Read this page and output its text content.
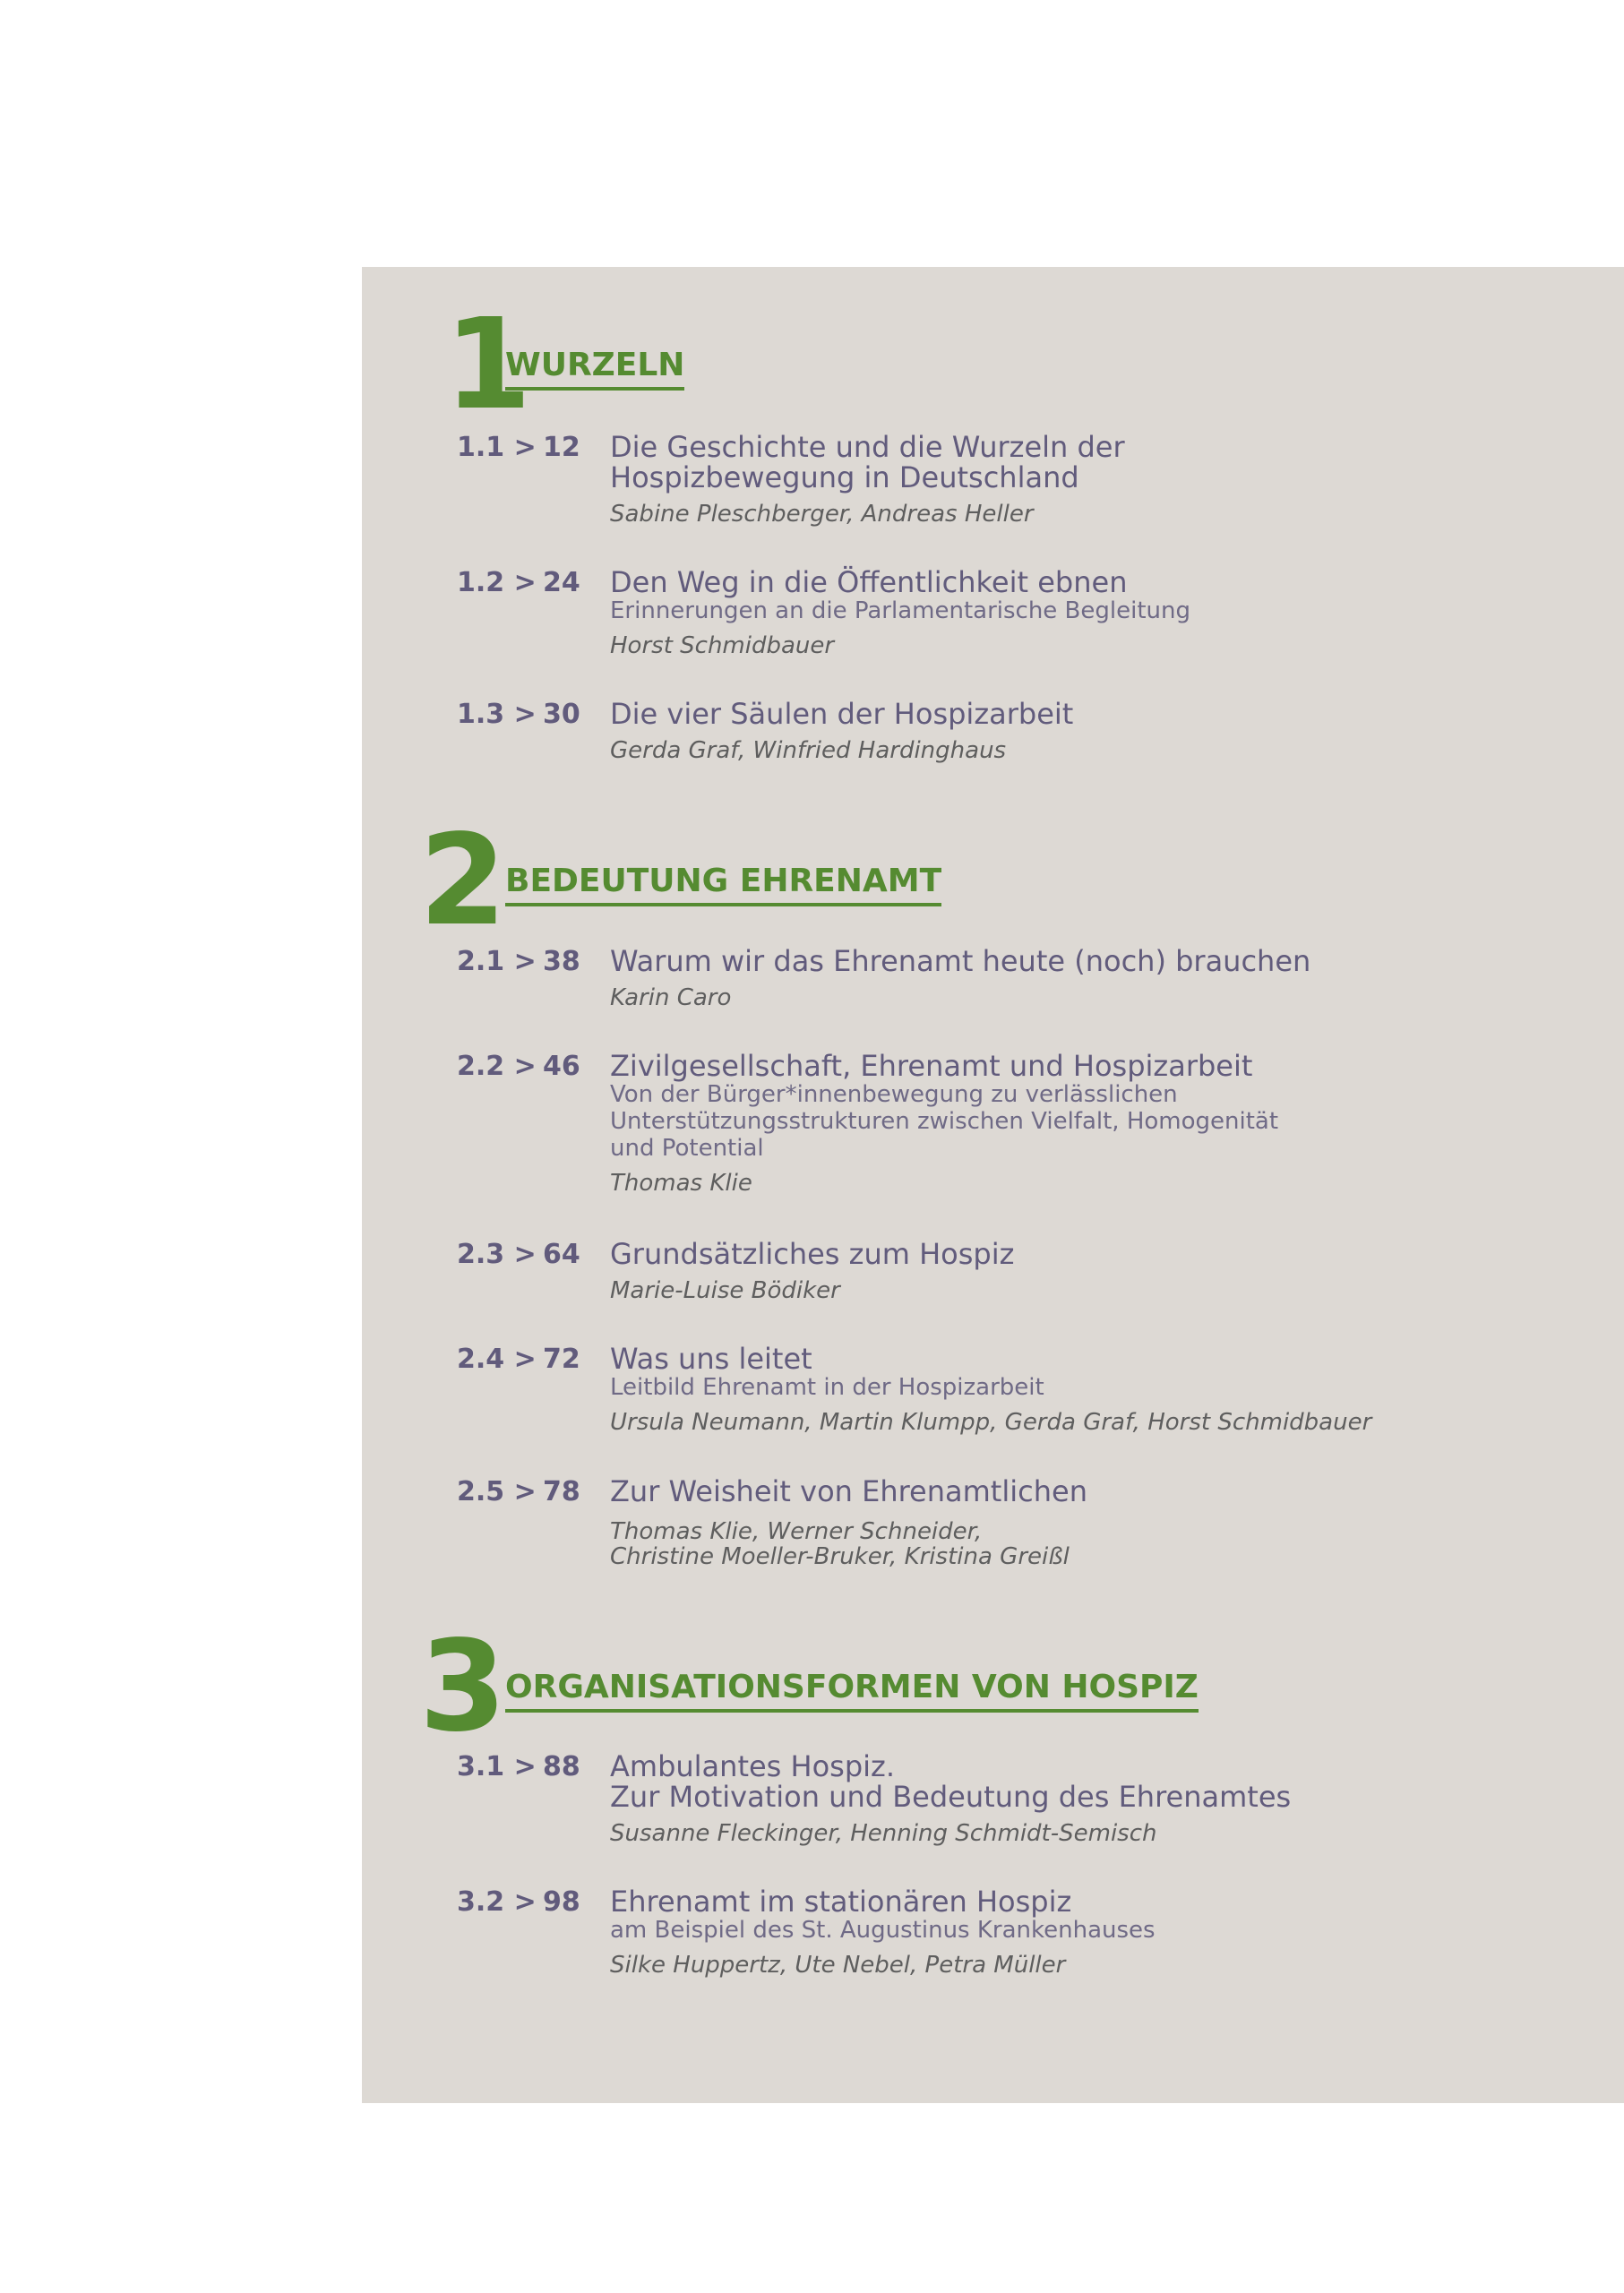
1
WURZELN
1.1 > 12 Die Geschichte und die Wurzeln der
Hospizbewegung in Deutschland
Sabine Pleschberger, Andreas Heller
1.2 > 24 Den Weg in die Öffentlichkeit ebnen
Erinnerungen an die Parlamentarische Begleitung
Horst Schmidbauer
1.3 > 30 Die vier Säulen der Hospizarbeit
Gerda Graf, Winfried Hardinghaus
2
BEDEUTUNG EHRENAMT
2.1 > 38 Warum wir das Ehrenamt heute (noch) brauchen
Karin Caro
2.2 > 46 Zivilgesellschaft, Ehrenamt und Hospizarbeit
Von der Bürger*innenbewegung zu verlässlichen
Unterstützungsstrukturen zwischen Vielfalt, Homogenität
und Potential
Thomas Klie
2.3 > 64 Grundsätzliches zum Hospiz
Marie-Luise Bödiker
2.4 > 72 Was uns leitet
Leitbild Ehrenamt in der Hospizarbeit
Ursula Neumann, Martin Klumpp, Gerda Graf, Horst Schmidbauer
2.5 > 78 Zur Weisheit von Ehrenamtlichen
Thomas Klie, Werner Schneider,
Christine Moeller-Bruker, Kristina Greißl
3
ORGANISATIONSFORMEN VON HOSPIZ
3.1 > 88 Ambulantes Hospiz.
Zur Motivation und Bedeutung des Ehrenamtes
Susanne Fleckinger, Henning Schmidt-Semisch
3.2 > 98 Ehrenamt im stationären Hospiz
am Beispiel des St. Augustinus Krankenhauses
Silke Huppertz, Ute Nebel, Petra Müller
